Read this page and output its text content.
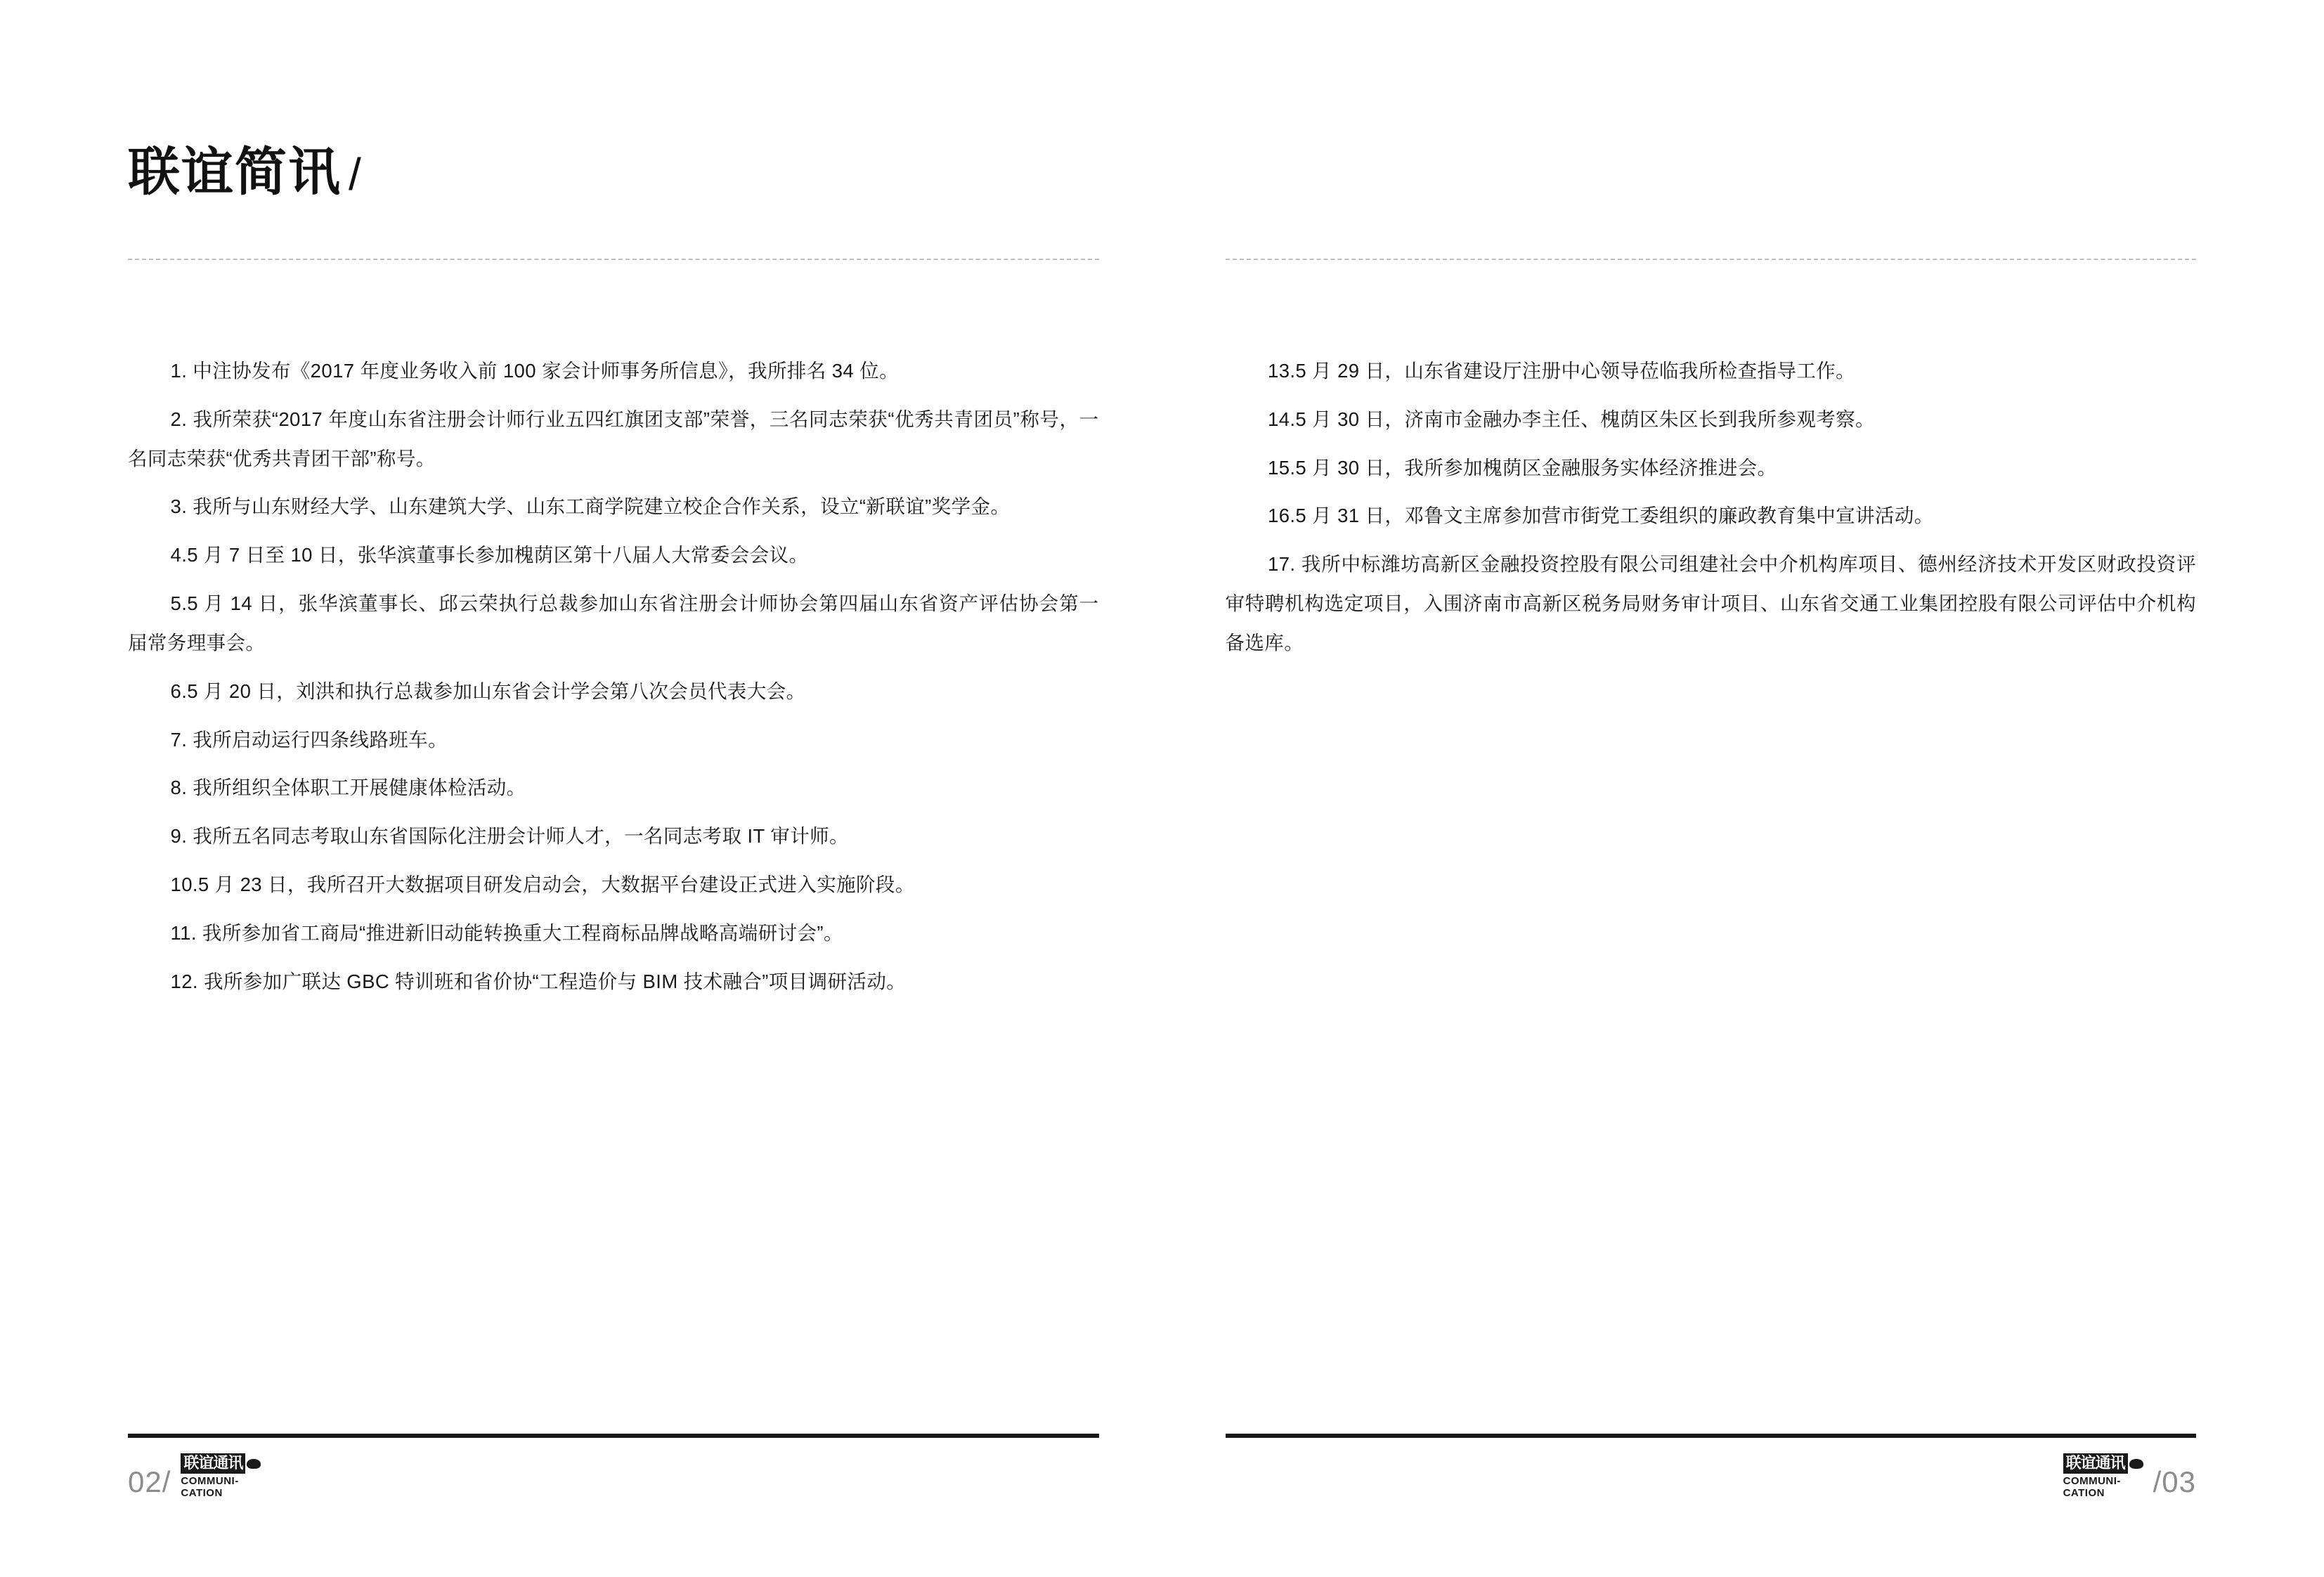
联谊简讯 /

1. 中注协发布《2017 年度业务收入前 100 家会计师事务所信息》，我所排名 34 位。

2. 我所荣获“2017 年度山东省注册会计师行业五四红旗团支部”荣誉，三名同志荣获“优秀共青团员”称号，一名同志荣获“优秀共青团干部”称号。

3. 我所与山东财经大学、山东建筑大学、山东工商学院建立校企合作关系，设立“新联谊”奖学金。

4.5 月 7 日至 10 日，张华滨董事长参加槐荫区第十八届人大常委会会议。

5.5 月 14 日，张华滨董事长、邱云荣执行总裁参加山东省注册会计师协会第四届山东省资产评估协会第一届常务理事会。

6.5 月 20 日，刘洪和执行总裁参加山东省会计学会第八次会员代表大会。

7. 我所启动运行四条线路班车。

8. 我所组织全体职工开展健康体检活动。

9. 我所五名同志考取山东省国际化注册会计师人才，一名同志考取 IT 审计师。

10.5 月 23 日，我所召开大数据项目研发启动会，大数据平台建设正式进入实施阶段。

11. 我所参加省工商局“推进新旧动能转换重大工程商标品牌战略高端研讨会”。

12. 我所参加广联达 GBC 特训班和省价协“工程造价与 BIM 技术融合”项目调研活动。

02/
联谊通讯
COMMUNI-
CATION

13.5 月 29 日，山东省建设厅注册中心领导莅临我所检查指导工作。

14.5 月 30 日，济南市金融办李主任、槐荫区朱区长到我所参观考察。

15.5 月 30 日，我所参加槐荫区金融服务实体经济推进会。

16.5 月 31 日，邓鲁文主席参加营市街党工委组织的廉政教育集中宣讲活动。

17. 我所中标潍坊高新区金融投资控股有限公司组建社会中介机构库项目、德州经济技术开发区财政投资评审特聘机构选定项目，入围济南市高新区税务局财务审计项目、山东省交通工业集团控股有限公司评估中介机构备选库。

联谊通讯
COMMUNI-
CATION	/03
